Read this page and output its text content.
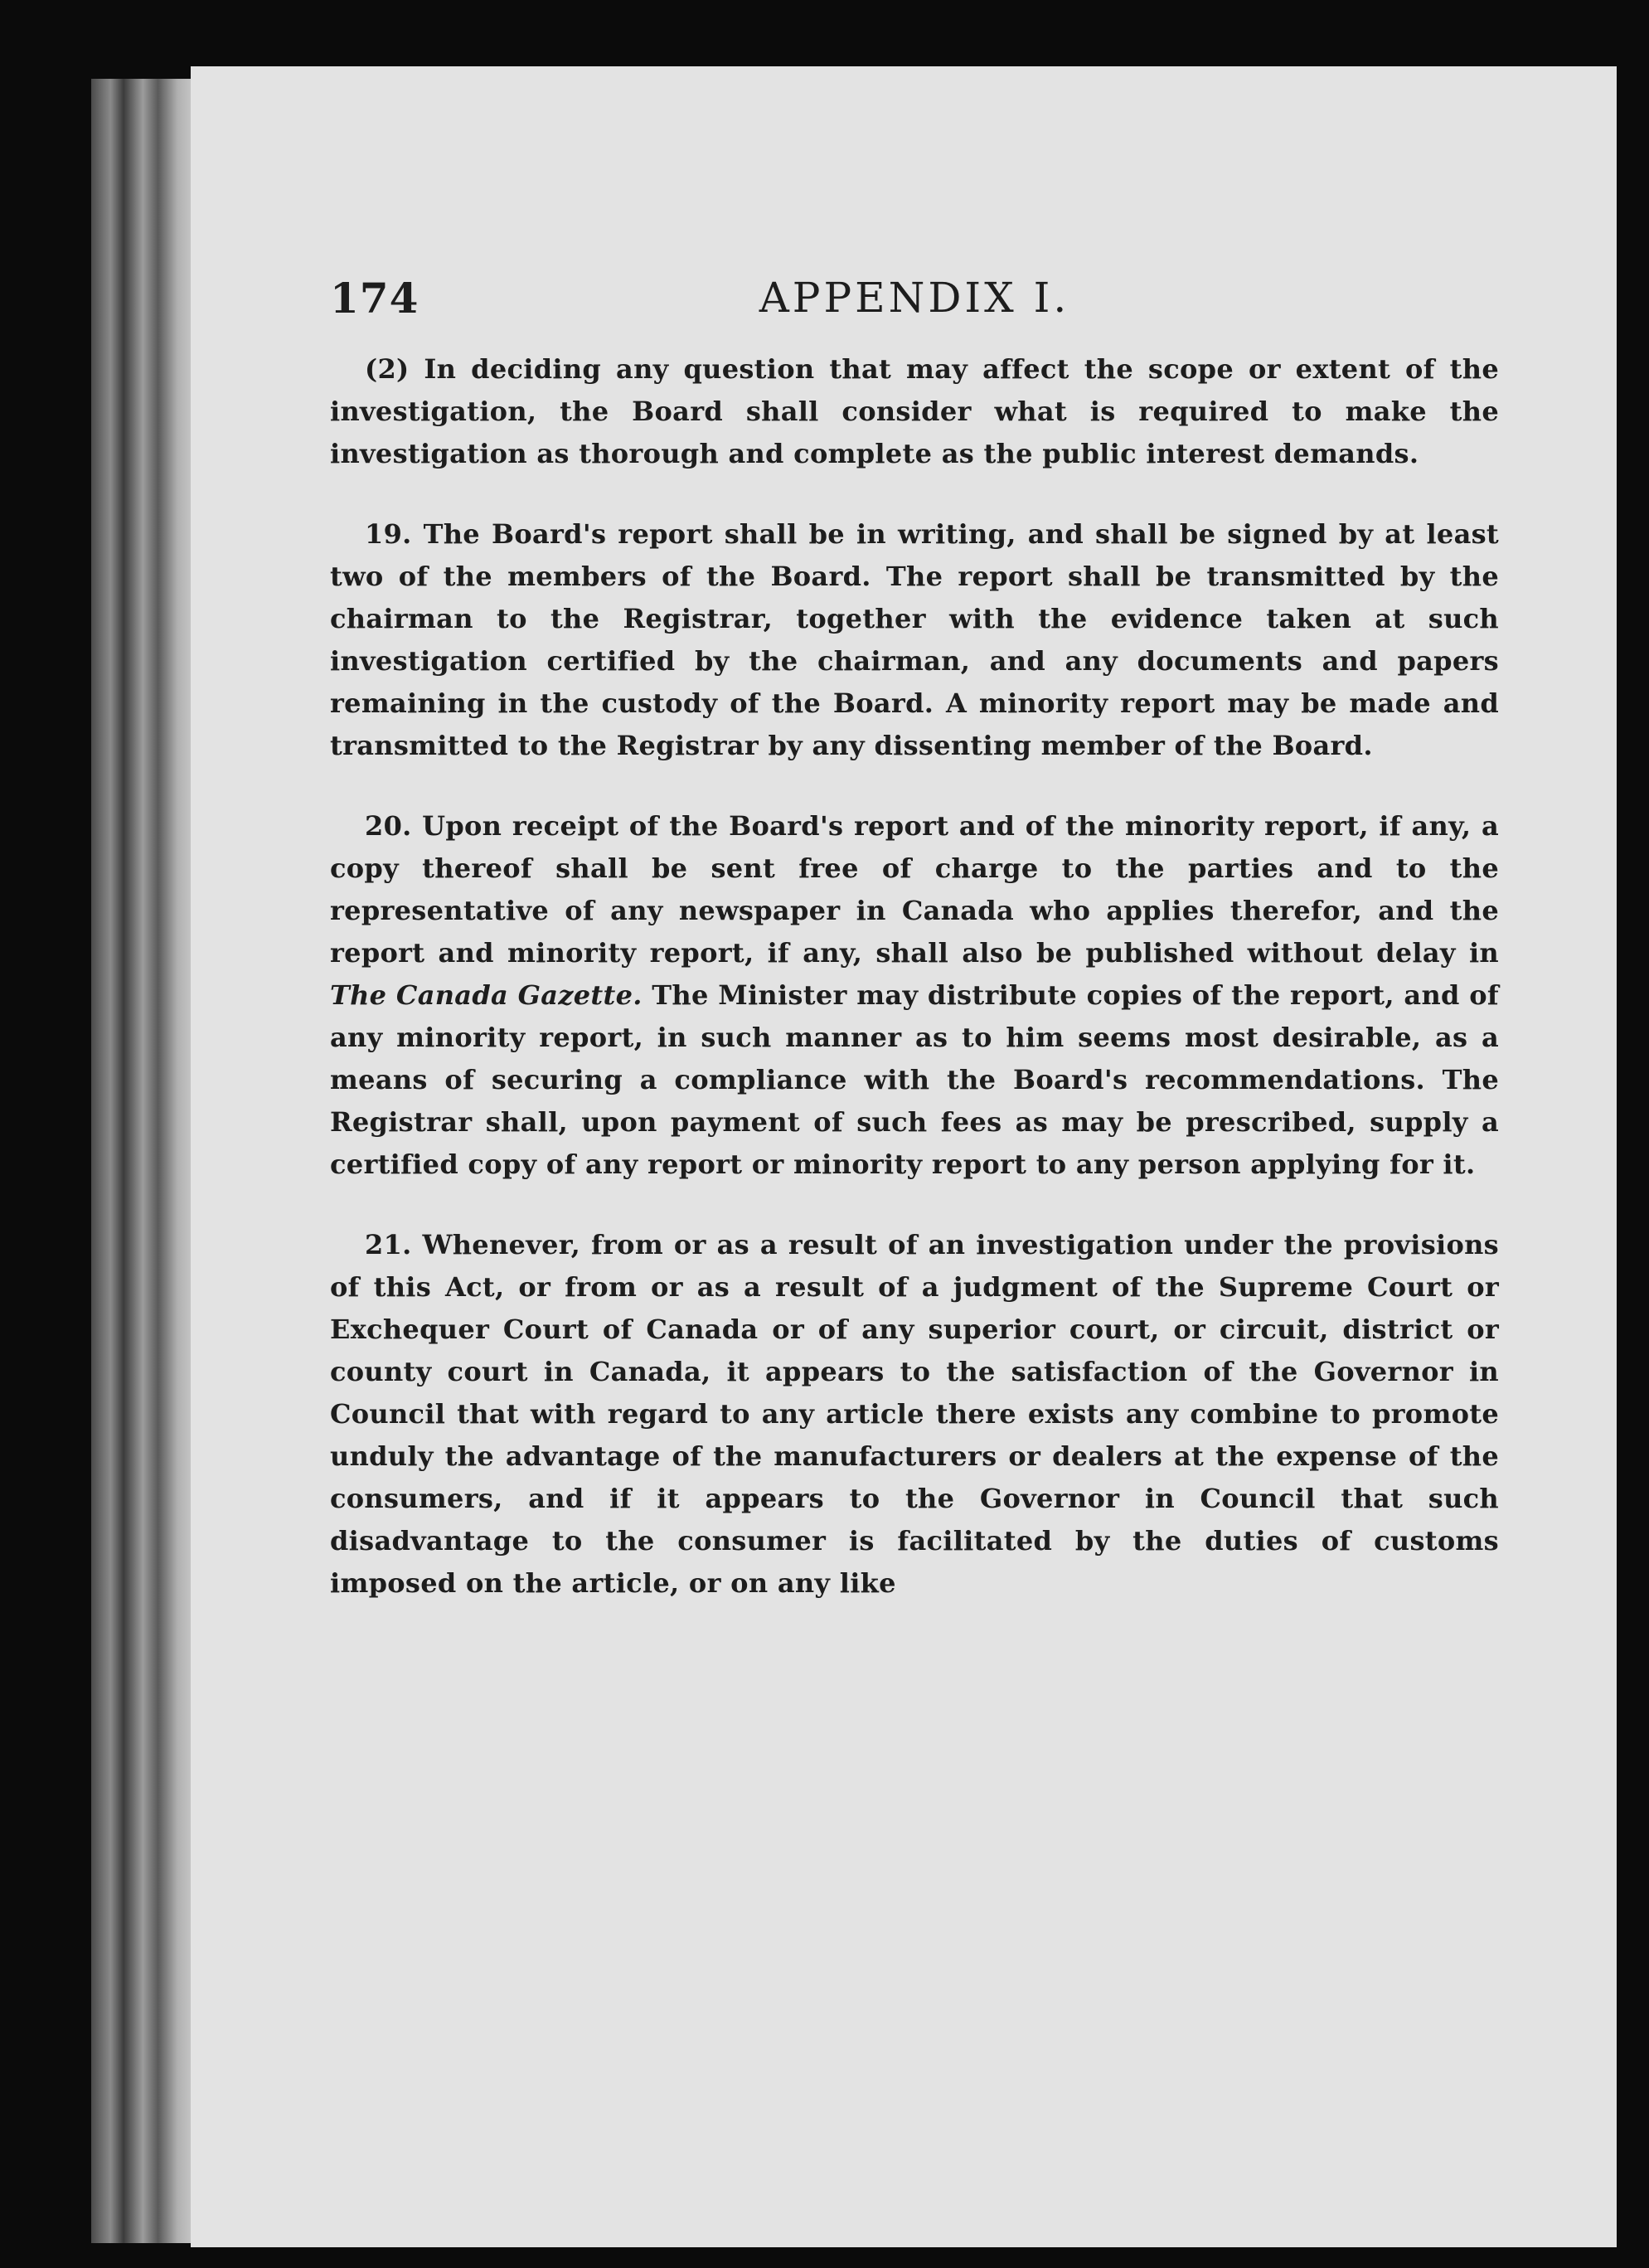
174	APPENDIX I.

(2) In deciding any question that may affect the scope or extent of the investigation, the Board shall consider what is required to make the investigation as thorough and complete as the public interest demands.

19. The Board's report shall be in writing, and shall be signed by at least two of the members of the Board. The report shall be transmitted by the chairman to the Registrar, together with the evidence taken at such investigation certified by the chairman, and any documents and papers remaining in the custody of the Board. A minority report may be made and transmitted to the Registrar by any dissenting member of the Board.

20. Upon receipt of the Board's report and of the minority report, if any, a copy thereof shall be sent free of charge to the parties and to the representative of any newspaper in Canada who applies therefor, and the report and minority report, if any, shall also be published without delay in The Canada Gazette. The Minister may distribute copies of the report, and of any minority report, in such manner as to him seems most desirable, as a means of securing a compliance with the Board's recommendations. The Registrar shall, upon payment of such fees as may be prescribed, supply a certified copy of any report or minority report to any person applying for it.

21. Whenever, from or as a result of an investigation under the provisions of this Act, or from or as a result of a judgment of the Supreme Court or Exchequer Court of Canada or of any superior court, or circuit, district or county court in Canada, it appears to the satisfaction of the Governor in Council that with regard to any article there exists any combine to promote unduly the advantage of the manufacturers or dealers at the expense of the consumers, and if it appears to the Governor in Council that such disadvantage to the consumer is facilitated by the duties of customs imposed on the article, or on any like
